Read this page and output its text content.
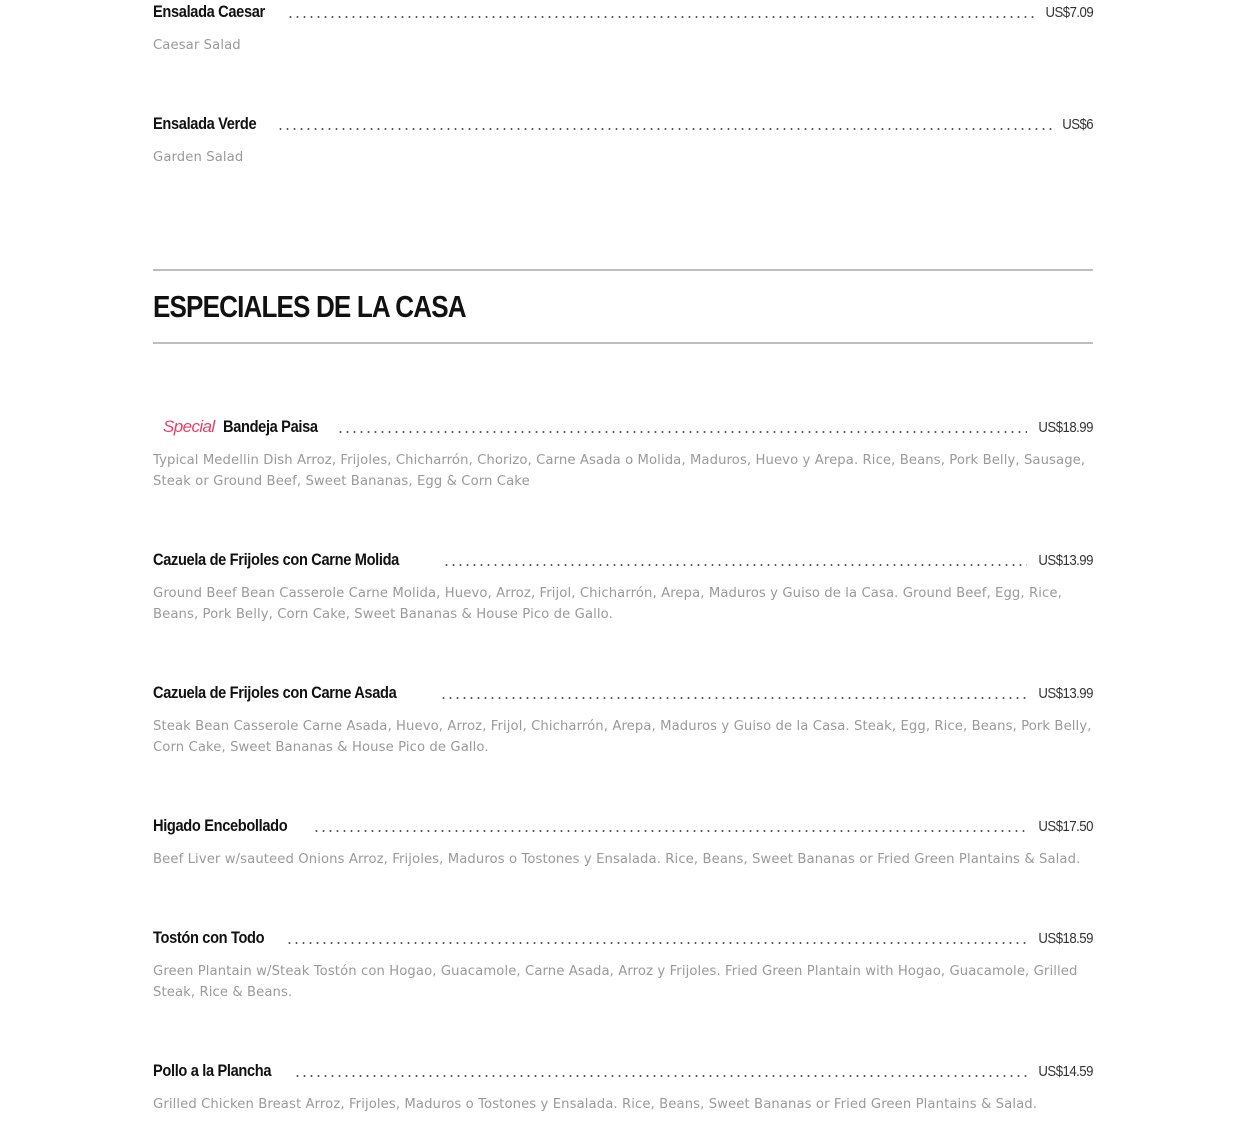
Ensalada Caesar	US$7.09
Caesar Salad
Ensalada Verde	US$6
Garden Salad
ESPECIALES DE LA CASA
Special Bandeja Paisa	US$18.99
Typical Medellin Dish Arroz, Frijoles, Chicharrón, Chorizo, Carne Asada o Molida, Maduros, Huevo y Arepa. Rice, Beans, Pork Belly, Sausage, Steak or Ground Beef, Sweet Bananas, Egg & Corn Cake
Cazuela de Frijoles con Carne Molida	US$13.99
Ground Beef Bean Casserole Carne Molida, Huevo, Arroz, Frijol, Chicharrón, Arepa, Maduros y Guiso de la Casa. Ground Beef, Egg, Rice, Beans, Pork Belly, Corn Cake, Sweet Bananas & House Pico de Gallo.
Cazuela de Frijoles con Carne Asada	US$13.99
Steak Bean Casserole Carne Asada, Huevo, Arroz, Frijol, Chicharrón, Arepa, Maduros y Guiso de la Casa. Steak, Egg, Rice, Beans, Pork Belly, Corn Cake, Sweet Bananas & House Pico de Gallo.
Higado Encebollado	US$17.50
Beef Liver w/sauteed Onions Arroz, Frijoles, Maduros o Tostones y Ensalada. Rice, Beans, Sweet Bananas or Fried Green Plantains & Salad.
Tostón con Todo	US$18.59
Green Plantain w/Steak Tostón con Hogao, Guacamole, Carne Asada, Arroz y Frijoles. Fried Green Plantain with Hogao, Guacamole, Grilled Steak, Rice & Beans.
Pollo a la Plancha	US$14.59
Grilled Chicken Breast Arroz, Frijoles, Maduros o Tostones y Ensalada. Rice, Beans, Sweet Bananas or Fried Green Plantains & Salad.
